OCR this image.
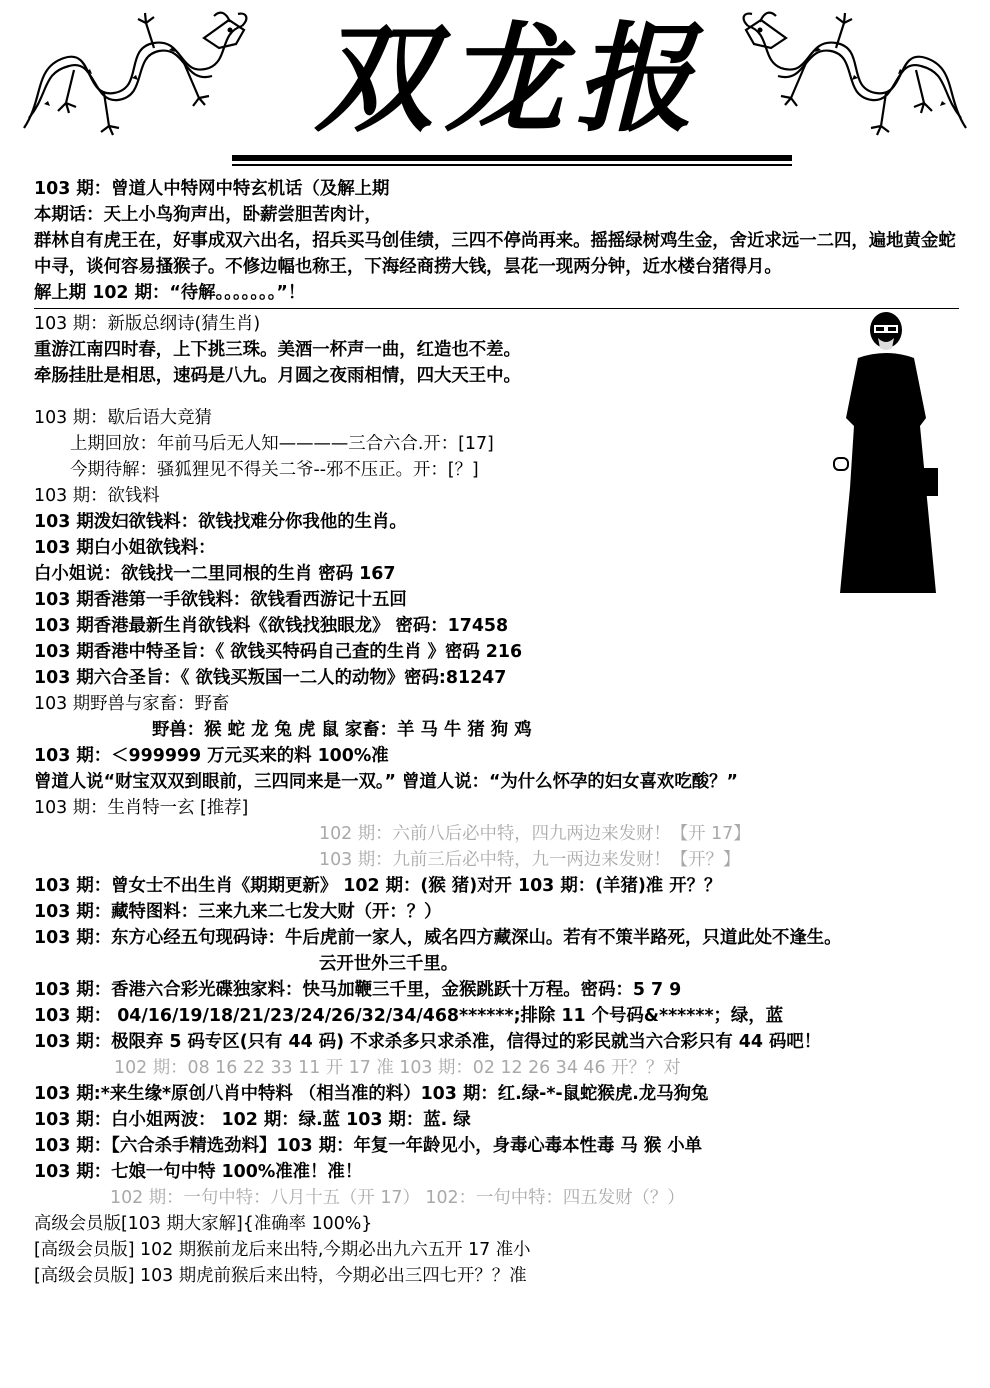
双龙报
103 期：曾道人中特网中特玄机话（及解上期
本期话：天上小鸟狗声出，卧薪尝胆苦肉计，
群林自有虎王在，好事成双六出名，招兵买马创佳绩，三四不停尚再来。摇摇绿树鸡生金，舍近求远一二四，遍地黄金蛇中寻，谈何容易搔猴子。不修边幅也称王，下海经商捞大钱，昙花一现两分钟，近水楼台猪得月。
解上期 102 期：“待解。。。。。。。”！
103 期：新版总纲诗(猜生肖)
重游江南四时春，上下挑三珠。美酒一杯声一曲，红造也不差。
牵肠挂肚是相思，速码是八九。月圆之夜雨相情，四大天王中。
103 期：歇后语大竞猜
上期回放：年前马后无人知————三合六合.开：[17]
今期待解：骚狐狸见不得关二爷--邪不压正。开：[？]
103 期：欲钱料
103 期泼妇欲钱料：欲钱找难分你我他的生肖。
103 期白小姐欲钱料：
白小姐说：欲钱找一二里同根的生肖 密码 167
103 期香港第一手欲钱料：欲钱看西游记十五回
103 期香港最新生肖欲钱料《欲钱找独眼龙》 密码：17458
103 期香港中特圣旨：《 欲钱买特码自己查的生肖 》密码 216
103 期六合圣旨：《 欲钱买叛国一二人的动物》密码:81247
103 期野兽与家畜：野畜
野兽：猴 蛇 龙 兔 虎 鼠 家畜：羊 马 牛 猪 狗 鸡
103 期：＜999999 万元买来的料 100%准
曾道人说“财宝双双到眼前，三四同来是一双。” 曾道人说：“为什么怀孕的妇女喜欢吃酸？”
103 期：生肖特一玄 [推荐]
102 期：六前八后必中特，四九两边来发财！【开 17】
103 期：九前三后必中特，九一两边来发财！【开？】
103 期：曾女士不出生肖《期期更新》 102 期：(猴 猪)对开 103 期：(羊猪)准 开？？
103 期：藏特图料：三来九来二七发大财（开：？）
103 期：东方心经五句现码诗：牛后虎前一家人，威名四方藏深山。若有不策半路死，只道此处不逢生。
云开世外三千里。
103 期：香港六合彩光碟独家料：快马加鞭三千里，金猴跳跃十万程。密码：5 7 9
103 期： 04/16/19/18/21/23/24/26/32/34/468******;排除 11 个号码&******；绿，蓝
103 期：极限弃 5 码专区(只有 44 码) 不求杀多只求杀准，信得过的彩民就当六合彩只有 44 码吧！
102 期：08 16 22 33 11 开 17 准 103 期：02 12 26 34 46 开？？对
103 期:*来生缘*原创八肖中特料 （相当准的料）103 期：红.绿-*-鼠蛇猴虎.龙马狗兔
103 期：白小姐两波： 102 期：绿.蓝 103 期：蓝. 绿
103 期：【六合杀手精选劲料】103 期：年复一年龄见小，身毒心毒本性毒 马 猴 小单
103 期：七娘一句中特 100%准准！准！
102 期：一句中特：八月十五（开 17） 102：一句中特：四五发财（？）
高级会员版[103 期大家解]{准确率 100%}
[高级会员版] 102 期猴前龙后来出特,今期必出九六五开 17 准小
[高级会员版] 103 期虎前猴后来出特，今期必出三四七开？？准
